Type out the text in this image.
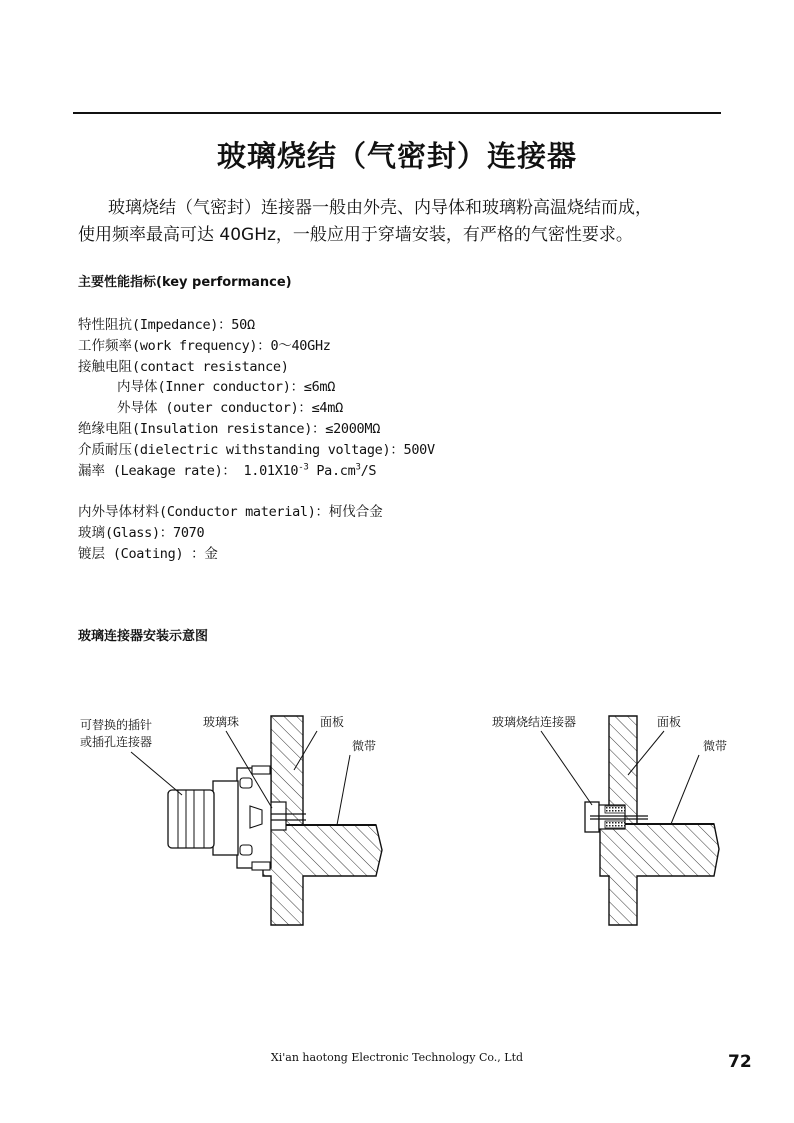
玻璃烧结（气密封）连接器
玻璃烧结（气密封）连接器一般由外壳、内导体和玻璃粉高温烧结而成，
使用频率最高可达 40GHz，一般应用于穿墙安装，有严格的气密性要求。
主要性能指标(key performance)
特性阻抗(Impedance)：50Ω
工作频率(work frequency)：0～40GHz
接触电阻(contact resistance)
内导体(Inner conductor)：≤6mΩ
外导体 (outer conductor)：≤4mΩ
绝缘电阻(Insulation resistance)：≤2000MΩ
介质耐压(dielectric withstanding voltage)：500V
漏率 (Leakage rate)： $1.01X10^{-3}$ $Pa.cm^3/S$
内外导体材料(Conductor material)：柯伐合金
玻璃(Glass)：7070
镀层 (Coating) ：金
玻璃连接器安装示意图
可替换的插针
或插孔连接器
玻璃珠	面板
微带
玻璃烧结连接器	面板
微带
Xi'an haotong Electronic Technology Co., Ltd	72
